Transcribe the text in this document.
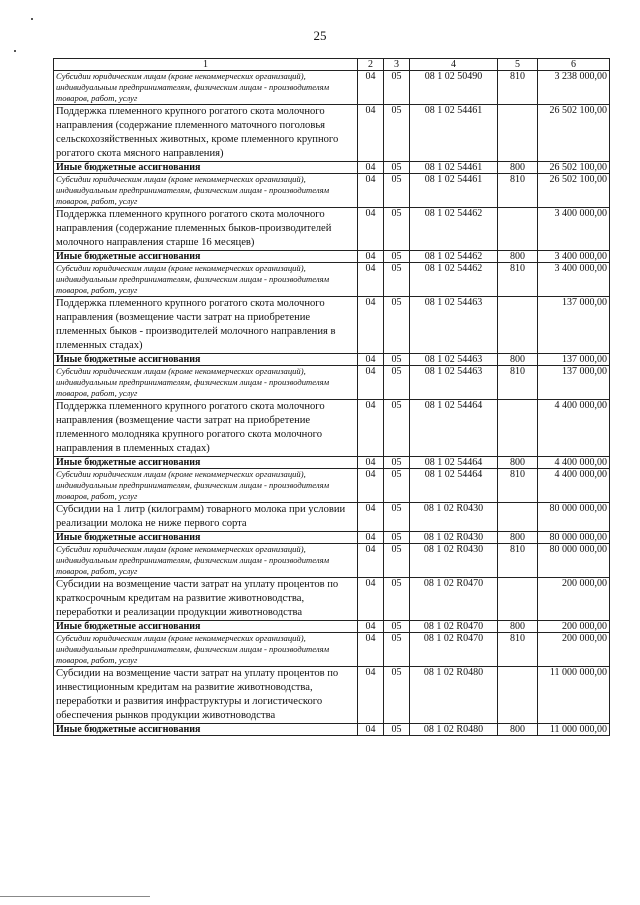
25
1	2	3	4	5	6
Субсидии юридическим лицам (кроме некоммерческих организаций), индивидуальным предпринимателям, физическим лицам - производителям товаров, работ, услуг	04	05	08 1 02 50490	810	3 238 000,00
Поддержка племенного крупного рогатого скота молочного направления (содержание племенного маточного поголовья сельскохозяйственных животных, кроме племенного крупного рогатого скота мясного направления)	04	05	08 1 02 54461		26 502 100,00
Иные бюджетные ассигнования	04	05	08 1 02 54461	800	26 502 100,00
Субсидии юридическим лицам (кроме некоммерческих организаций), индивидуальным предпринимателям, физическим лицам - производителям товаров, работ, услуг	04	05	08 1 02 54461	810	26 502 100,00
Поддержка племенного крупного рогатого скота молочного направления (содержание племенных быков-производителей молочного направления старше 16 месяцев)	04	05	08 1 02 54462		3 400 000,00
Иные бюджетные ассигнования	04	05	08 1 02 54462	800	3 400 000,00
Субсидии юридическим лицам (кроме некоммерческих организаций), индивидуальным предпринимателям, физическим лицам - производителям товаров, работ, услуг	04	05	08 1 02 54462	810	3 400 000,00
Поддержка племенного крупного рогатого скота молочного направления (возмещение части затрат на приобретение племенных быков - производителей молочного направления в племенных стадах)	04	05	08 1 02 54463		137 000,00
Иные бюджетные ассигнования	04	05	08 1 02 54463	800	137 000,00
Субсидии юридическим лицам (кроме некоммерческих организаций), индивидуальным предпринимателям, физическим лицам - производителям товаров, работ, услуг	04	05	08 1 02 54463	810	137 000,00
Поддержка племенного крупного рогатого скота молочного направления (возмещение части затрат на приобретение племенного молодняка крупного рогатого скота молочного направления в племенных стадах)	04	05	08 1 02 54464		4 400 000,00
Иные бюджетные ассигнования	04	05	08 1 02 54464	800	4 400 000,00
Субсидии юридическим лицам (кроме некоммерческих организаций), индивидуальным предпринимателям, физическим лицам - производителям товаров, работ, услуг	04	05	08 1 02 54464	810	4 400 000,00
Субсидии на 1 литр (килограмм) товарного молока при условии реализации молока не ниже первого сорта	04	05	08 1 02 R0430		80 000 000,00
Иные бюджетные ассигнования	04	05	08 1 02 R0430	800	80 000 000,00
Субсидии юридическим лицам (кроме некоммерческих организаций), индивидуальным предпринимателям, физическим лицам - производителям товаров, работ, услуг	04	05	08 1 02 R0430	810	80 000 000,00
Субсидии на возмещение части затрат на уплату процентов по краткосрочным кредитам на развитие животноводства, переработки и реализации продукции животноводства	04	05	08 1 02 R0470		200 000,00
Иные бюджетные ассигнования	04	05	08 1 02 R0470	800	200 000,00
Субсидии юридическим лицам (кроме некоммерческих организаций), индивидуальным предпринимателям, физическим лицам - производителям товаров, работ, услуг	04	05	08 1 02 R0470	810	200 000,00
Субсидии на возмещение части затрат на уплату процентов по инвестиционным кредитам на развитие животноводства, переработки и развития инфраструктуры и логистического обеспечения рынков продукции животноводства	04	05	08 1 02 R0480		11 000 000,00
Иные бюджетные ассигнования	04	05	08 1 02 R0480	800	11 000 000,00
